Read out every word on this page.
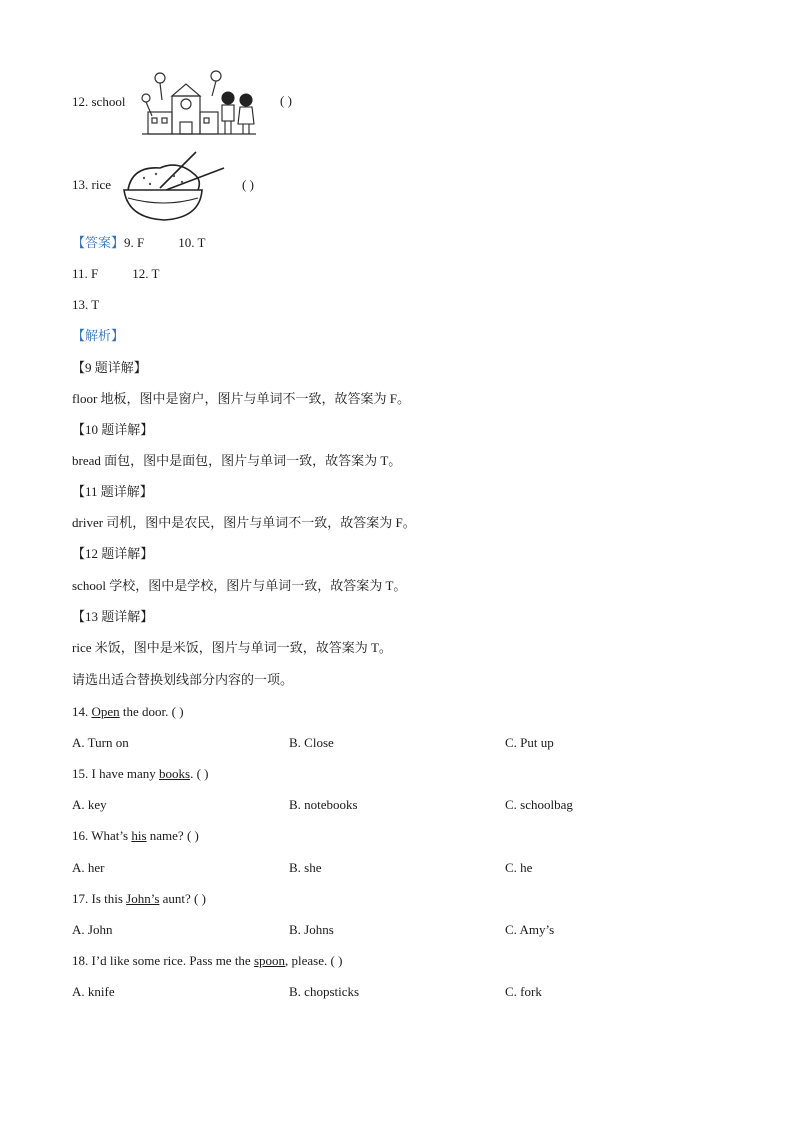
12. school	( )
13. rice	( )
【答案】9. F	10. T
11. F	12. T
13. T
【解析】
【9 题详解】
floor 地板，图中是窗户，图片与单词不一致，故答案为 F。
【10 题详解】
bread 面包，图中是面包，图片与单词一致，故答案为 T。
【11 题详解】
driver 司机，图中是农民，图片与单词不一致，故答案为 F。
【12 题详解】
school 学校，图中是学校，图片与单词一致，故答案为 T。
【13 题详解】
rice 米饭，图中是米饭，图片与单词一致，故答案为 T。
请选出适合替换划线部分内容的一项。
14. Open the door. ( )
A. Turn on	B. Close	C. Put up
15. I have many books. ( )
A. key	B. notebooks	C. schoolbag
16. What’s his name? ( )
A. her	B. she	C. he
17. Is this John’s aunt? ( )
A. John	B. Johns	C. Amy’s
18. I’d like some rice. Pass me the spoon, please. ( )
A. knife	B. chopsticks	C. fork
